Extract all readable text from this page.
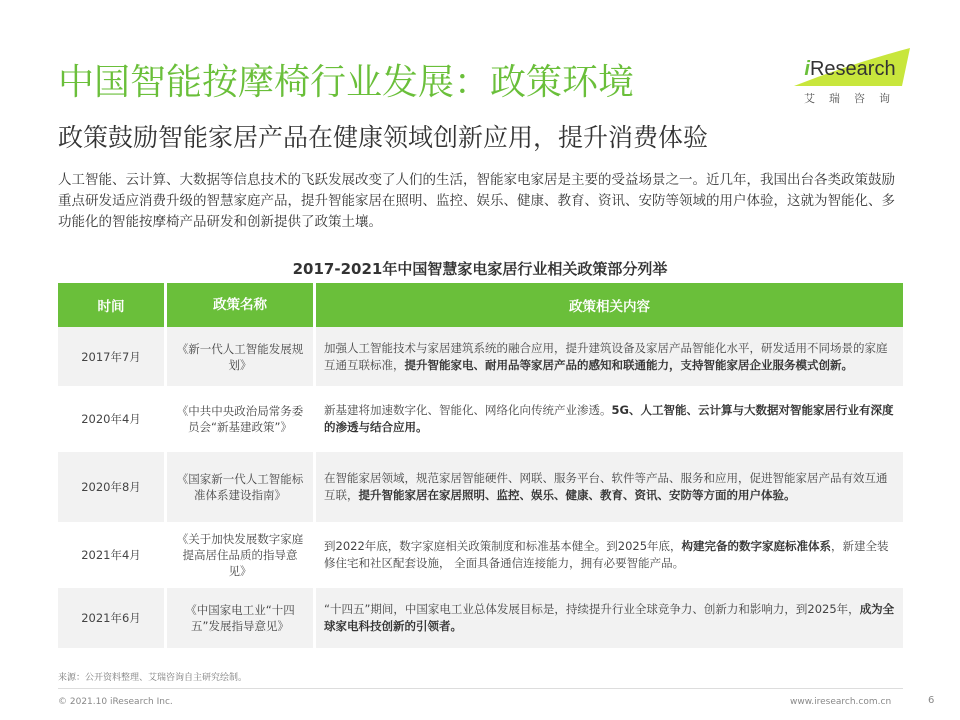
中国智能按摩椅行业发展：政策环境
政策鼓励智能家居产品在健康领域创新应用，提升消费体验
iResearch
艾瑞咨询

人工智能、云计算、大数据等信息技术的飞跃发展改变了人们的生活，智能家电家居是主要的受益场景之一。近几年，我国出台各类政策鼓励重点研发适应消费升级的智慧家庭产品，提升智能家居在照明、监控、娱乐、健康、教育、资讯、安防等领域的用户体验，这就为智能化、多功能化的智能按摩椅产品研发和创新提供了政策土壤。

2017-2021年中国智慧家电家居行业相关政策部分列举
时间	政策名称	政策相关内容
2017年7月	《新一代人工智能发展规划》	加强人工智能技术与家居建筑系统的融合应用，提升建筑设备及家居产品智能化水平，研发适用不同场景的家庭互通互联标准，提升智能家电、耐用品等家居产品的感知和联通能力，支持智能家居企业服务模式创新。
2020年4月	《中共中央政治局常务委员会“新基建政策”》	新基建将加速数字化、智能化、网络化向传统产业渗透。5G、人工智能、云计算与大数据对智能家居行业有深度的渗透与结合应用。
2020年8月	《国家新一代人工智能标准体系建设指南》	在智能家居领域，规范家居智能硬件、网联、服务平台、软件等产品、服务和应用，促进智能家居产品有效互通互联，提升智能家居在家居照明、监控、娱乐、健康、教育、资讯、安防等方面的用户体验。
2021年4月	《关于加快发展数字家庭提高居住品质的指导意见》	到2022年底，数字家庭相关政策制度和标准基本健全。到2025年底，构建完备的数字家庭标准体系，新建全装修住宅和社区配套设施， 全面具备通信连接能力，拥有必要智能产品。
2021年6月	《中国家电工业“十四五”发展指导意见》	“十四五”期间，中国家电工业总体发展目标是，持续提升行业全球竞争力、创新力和影响力，到2025年，成为全球家电科技创新的引领者。
来源：公开资料整理、艾瑞咨询自主研究绘制。
© 2021.10 iResearch Inc.	www.iresearch.com.cn	6
